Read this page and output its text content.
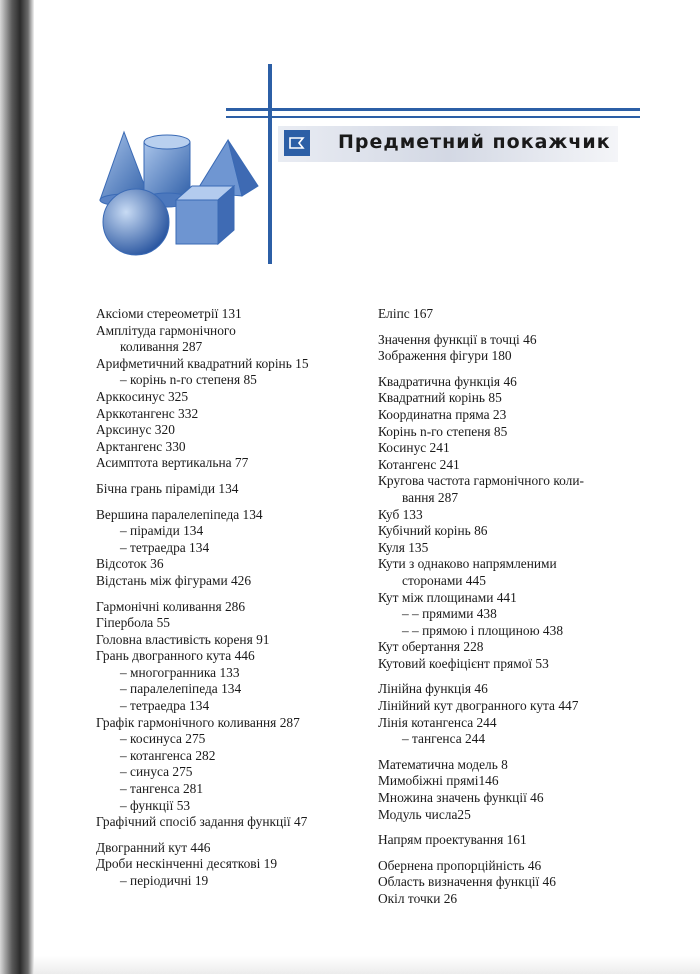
Предметний покажчик
Аксіоми стереометрії 131
Амплітуда гармонічного
коливання 287
Арифметичний квадратний корінь 15
– корінь n-го степеня 85
Арккосинус 325
Арккотангенс 332
Арксинус 320
Арктангенс 330
Асимптота вертикальна 77
Бічна грань піраміди 134
Вершина паралелепіпеда 134
– піраміди 134
– тетраедра 134
Відсоток 36
Відстань між фігурами 426
Гармонічні коливання 286
Гіпербола 55
Головна властивість кореня 91
Грань двогранного кута 446
– многогранника 133
– паралелепіпеда 134
– тетраедра 134
Графік гармонічного коливання 287
– косинуса 275
– котангенса 282
– синуса 275
– тангенса 281
– функції 53
Графічний спосіб задання функції 47
Двогранний кут 446
Дроби нескінченні десяткові 19
– періодичні 19
Еліпс 167
Значення функції в точці 46
Зображення фігури 180
Квадратична функція 46
Квадратний корінь 85
Координатна пряма 23
Корінь n-го степеня 85
Косинус 241
Котангенс 241
Кругова частота гармонічного коли-
вання 287
Куб 133
Кубічний корінь 86
Куля 135
Кути з однаково напрямленими
сторонами 445
Кут між площинами 441
– – прямими 438
– – прямою і площиною 438
Кут обертання 228
Кутовий коефіцієнт прямої 53
Лінійна функція 46
Лінійний кут двогранного кута 447
Лінія котангенса 244
– тангенса 244
Математична модель 8
Мимобіжні прямі146
Множина значень функції 46
Модуль числа25
Напрям проектування 161
Обернена пропорційність 46
Область визначення функції 46
Окіл точки 26
